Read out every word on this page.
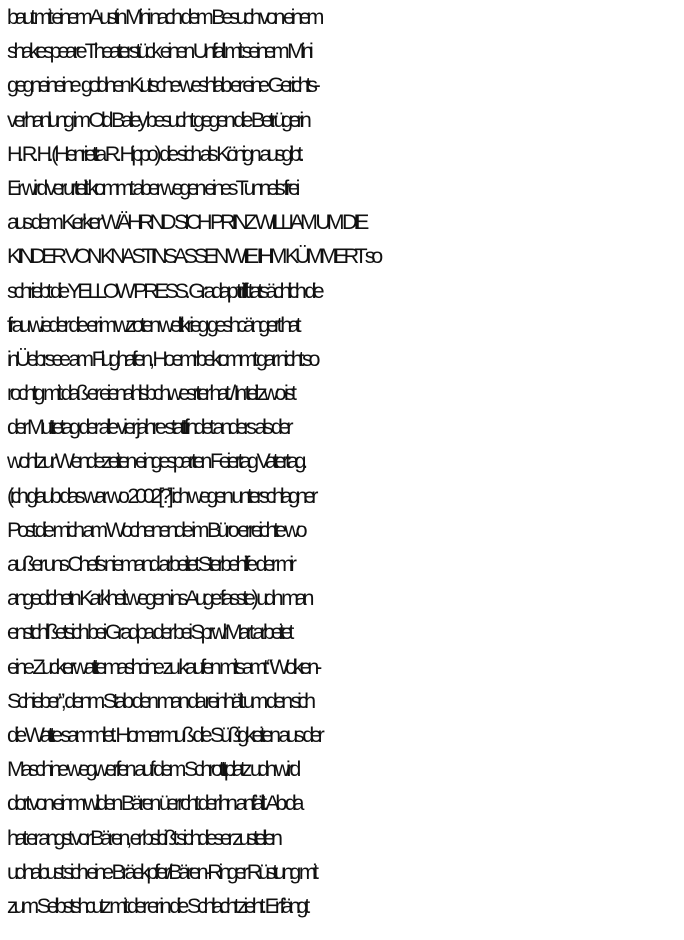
baut mit einem Austin Mini nach dem Besuch von einem
shakespeare Theaterstück einen Unfall mit seinem Mini
gegneineine  goldnen Kutsche weshlab er eine Gerichts-
verhanlung im Old Bailey besucht gegen die Betrügerin
H. R. H. (Henrietta R. Hippo) die sich als Könign ausgibt.
Er wird verurteilt kommt aber wegen eines Tunnels frei
aus dem Kerker WÄHRND SICH PRINZ WILLIAM UM DIE
KINDER VON KNASTINSASSEN WIE IHM KÜMMERT so
schriebt die YELLOW PRESS. Gradap trifft tatsächlich die
frau wieder die er im wzoten weltkrieg geshcängert hat
inÜebrsee am Flughafen, Hoemrbekommt gar nicht so
rochtg mit daß er eienahlsbchwesrter hat. / In teil zwo ist
der Muttetag der alle vier jahre stattfindet anders als der
wohl zur Wendezeiten eingesparten Feiertag Vatertag.
(ich glaub das war wo 2002[?] ich wegen unterschlagner
Post die mich am Wochenende im Büro erreichte wo
außer uns Chefs niemand arbeitet Sterbehilfe der mir
angedichetn Karkheit wegen ins Auge fasste) udn man
enstchlißetsich bei Gradpa der bei Sprwl Mart arbeitet
eine Zuckerwattemashcine zu kaufen mitsamt “Wolken-
Schieber”, denm Stab den man da reinhält um den sich
die Watte sammlet. Homer muß die Süßigkeiten aus der
Maschine wegwerfen auf dem Schrotttplatz udn wird
dort von einm wilden Bären üerrcht der ihn anfällt. Ab da
hat er angst vor Bären, er bslcißt sichdieser zustellen
udnabust sich eine Bräekpfer/Bären-Ringer Rüstung mit
zum Selbstshcutz mit der er in die Schlacht zieht. Er fängt
